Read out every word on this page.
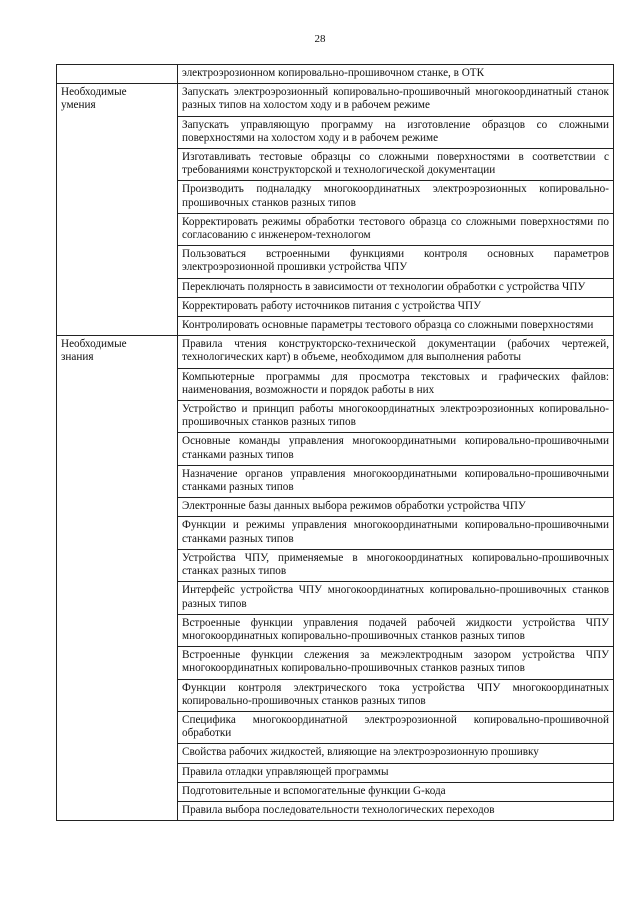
28
	электроэрозионном копировально-прошивочном станке, в ОТК

Необходимые
умения	Запускать электроэрозионный копировально-прошивочный многокоординатный станок разных типов на холостом ходу и в рабочем режиме
	Запускать управляющую программу на изготовление образцов со сложными поверхностями на холостом ходу и в рабочем режиме
	Изготавливать тестовые образцы со сложными поверхностями в соответствии с требованиями конструкторской и технологической документации
	Производить подналадку многокоординатных электроэрозионных копировально-прошивочных станков разных типов
	Корректировать режимы обработки тестового образца со сложными поверхностями по согласованию с инженером-технологом
	Пользоваться встроенными функциями контроля основных параметров электроэрозионной прошивки устройства ЧПУ
	Переключать полярность в зависимости от технологии обработки с устройства ЧПУ
	Корректировать работу источников питания с устройства ЧПУ
	Контролировать основные параметры тестового образца со сложными поверхностями

Необходимые
знания	Правила чтения конструкторско-технической документации (рабочих чертежей, технологических карт) в объеме, необходимом для выполнения работы
	Компьютерные программы для просмотра текстовых и графических файлов: наименования, возможности и порядок работы в них
	Устройство и принцип работы многокоординатных электроэрозионных копировально-прошивочных станков разных типов
	Основные команды управления многокоординатными копировально-прошивочными станками разных типов
	Назначение органов управления многокоординатными копировально-прошивочными станками разных типов
	Электронные базы данных выбора режимов обработки устройства ЧПУ
	Функции и режимы управления многокоординатными копировально-прошивочными станками разных типов
	Устройства ЧПУ, применяемые в многокоординатных копировально-прошивочных станках разных типов
	Интерфейс устройства ЧПУ многокоординатных копировально-прошивочных станков разных типов
	Встроенные функции управления подачей рабочей жидкости устройства ЧПУ многокоординатных копировально-прошивочных станков разных типов
	Встроенные функции слежения за межэлектродным зазором устройства ЧПУ многокоординатных копировально-прошивочных станков разных типов
	Функции контроля электрического тока устройства ЧПУ многокоординатных копировально-прошивочных станков разных типов
	Специфика многокоординатной электроэрозионной копировально-прошивочной обработки
	Свойства рабочих жидкостей, влияющие на электроэрозионную прошивку
	Правила отладки управляющей программы
	Подготовительные и вспомогательные функции G-кода
	Правила выбора последовательности технологических переходов
